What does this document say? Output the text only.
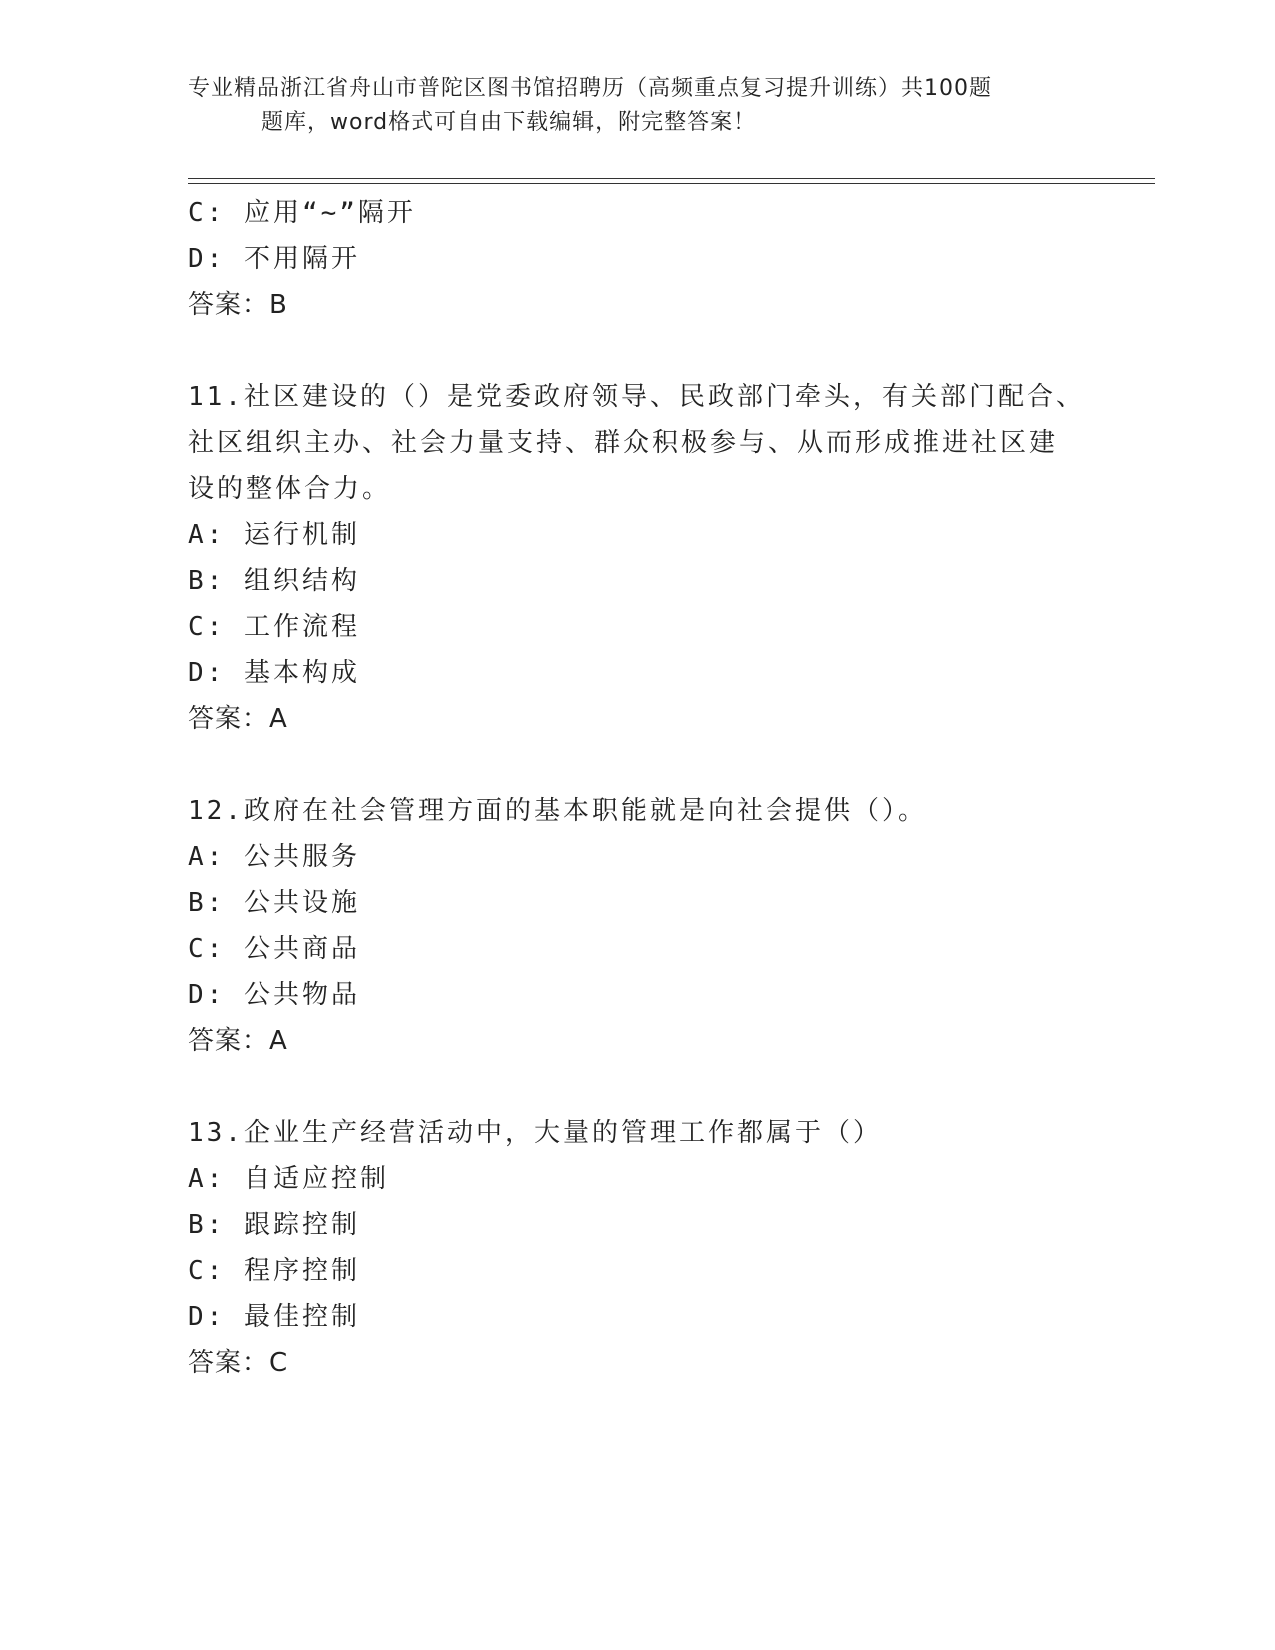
专业精品浙江省舟山市普陀区图书馆招聘历（高频重点复习提升训练）共100题
题库，word格式可自由下载编辑，附完整答案！
C: 应用“~”隔开
D: 不用隔开
答案：B
11.社区建设的（）是党委政府领导、民政部门牵头，有关部门配合、
社区组织主办、社会力量支持、群众积极参与、从而形成推进社区建
设的整体合力。
A: 运行机制
B: 组织结构
C: 工作流程
D: 基本构成
答案：A
12.政府在社会管理方面的基本职能就是向社会提供（）。
A: 公共服务
B: 公共设施
C: 公共商品
D: 公共物品
答案：A
13.企业生产经营活动中，大量的管理工作都属于（）
A: 自适应控制
B: 跟踪控制
C: 程序控制
D: 最佳控制
答案：C
